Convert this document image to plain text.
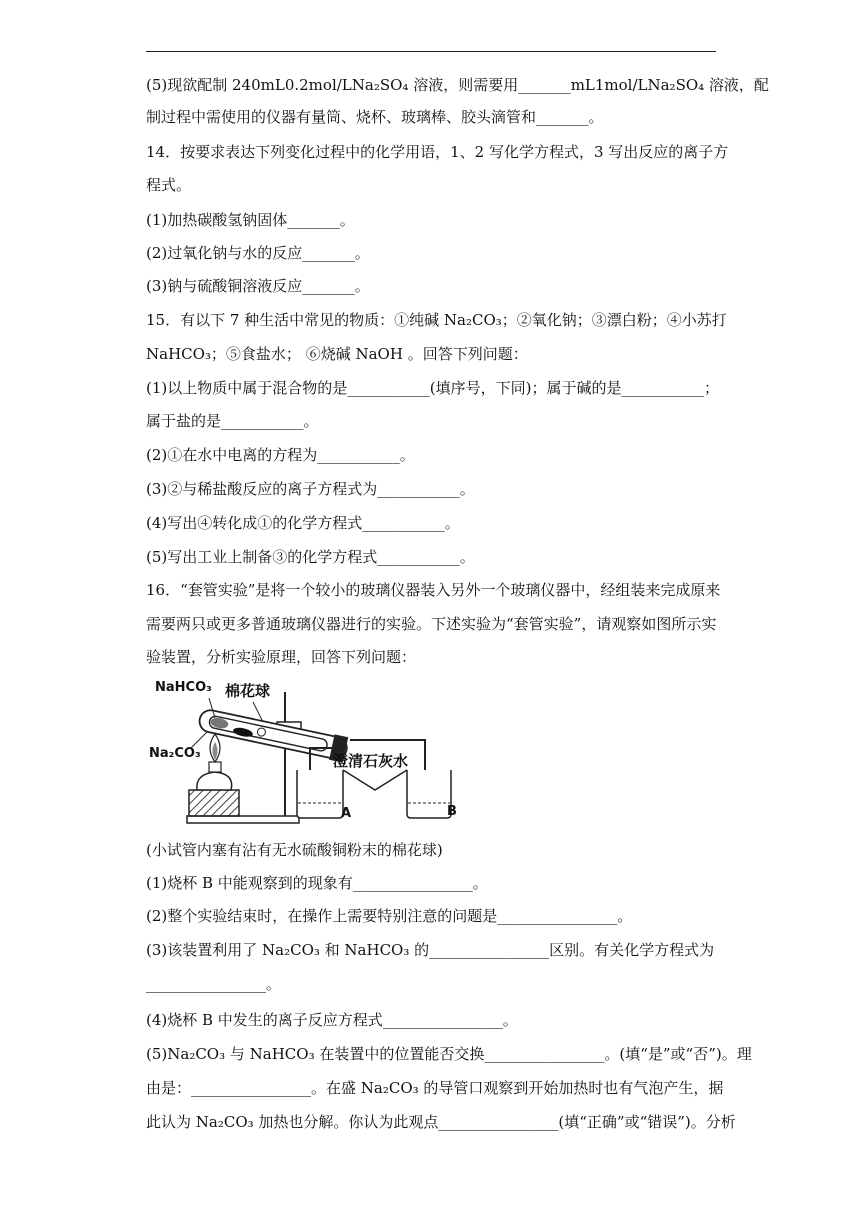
(5)现欲配制 240mL0.2mol/LNa₂SO₄ 溶液，则需要用_______mL1mol/LNa₂SO₄ 溶液，配
制过程中需使用的仪器有量筒、烧杯、玻璃棒、胶头滴管和_______。
14．按要求表达下列变化过程中的化学用语，1、2 写化学方程式，3 写出反应的离子方
程式。
(1)加热碳酸氢钠固体_______。
(2)过氧化钠与水的反应_______。
(3)钠与硫酸铜溶液反应_______。
15．有以下 7 种生活中常见的物质：①纯碱 Na₂CO₃；②氧化钠；③漂白粉；④小苏打
NaHCO₃；⑤食盐水； ⑥烧碱 NaOH 。回答下列问题：
(1)以上物质中属于混合物的是___________(填序号，下同)；属于碱的是___________；
属于盐的是___________。
(2)①在水中电离的方程为___________。
(3)②与稀盐酸反应的离子方程式为___________。
(4)写出④转化成①的化学方程式___________。
(5)写出工业上制备③的化学方程式___________。
16．“套管实验”是将一个较小的玻璃仪器装入另外一个玻璃仪器中，经组装来完成原来
需要两只或更多普通玻璃仪器进行的实验。下述实验为“套管实验”，请观察如图所示实
验装置，分析实验原理，回答下列问题：
(小试管内塞有沾有无水硫酸铜粉末的棉花球)
(1)烧杯 B 中能观察到的现象有________________。
(2)整个实验结束时，在操作上需要特别注意的问题是________________。
(3)该装置利用了 Na₂CO₃ 和 NaHCO₃ 的________________区别。有关化学方程式为
________________。
(4)烧杯 B 中发生的离子反应方程式________________。
(5)Na₂CO₃ 与 NaHCO₃ 在装置中的位置能否交换________________。(填“是”或“否”)。理
由是：________________。在盛 Na₂CO₃ 的导管口观察到开始加热时也有气泡产生，据
此认为 Na₂CO₃ 加热也分解。你认为此观点________________(填“正确”或“错误”)。分析
NaHCO₃ 棉花球
Na₂CO₃	澄清石灰水
A	B
